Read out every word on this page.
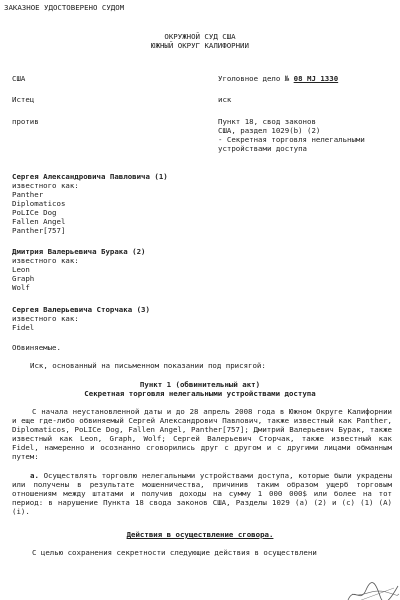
ЗАКАЗНОЕ УДОСТОВЕРЕНО СУДОМ
ОКРУЖНОЙ СУД США
ЮЖНЫЙ ОКРУГ КАЛИФОРНИИ
США	Уголовное дело № 08 MJ 1330
Истец	иск
против	Пункт 18, свод законов
США, раздел 1029(b) (2)
- Секретная торговля нелегальными
устройствами доступа
Сергея Александровича Павловича (1)
известного как:
Panther
Diplomaticos
PoLICe Dog
Fallen Angel
Panther[757]
Дмитрия Валерьевича Бурака (2)
известного как:
Leon
Graph
Wolf
Сергея Валерьевича Сторчака (3)
известного как:
Fidel
Обвиняемые.
Иск, основанный на письменном показании под присягой:
Пункт 1 (обвинительный акт)
Секретная торговля нелегальными устройствами доступа
С начала неустановленной даты и до 28 апрель 2008 года в Южном Округе Калифорнии и еще где-либо обвиняемый Сергей Александрович Павлович, также известный как Panther, Diplomaticos, PoLICe Dog, Fallen Angel, Panther[757]; Дмитрий Валерьевич Бурак, также известный как Leon, Graph, Wolf; Сергей Валерьевич Сторчак, также известный как Fidel, намеренно и осознанно сговорились друг с другом и с другими лицами обманным путем:
a. Осуществлять торговлю нелегальными устройствами доступа, которые были украдены или получены в результате мошенничества, причинив таким образом ущерб торговым отношениям между штатами и получив доходы на сумму 1 000 000$ или более на тот период: в нарушение Пункта 18 свода законов США, Разделы 1029 (a) (2) и (c) (1) (A) (i).
Действия в осуществление сговора.
С целью сохранения секретности следующие действия в осуществлени
